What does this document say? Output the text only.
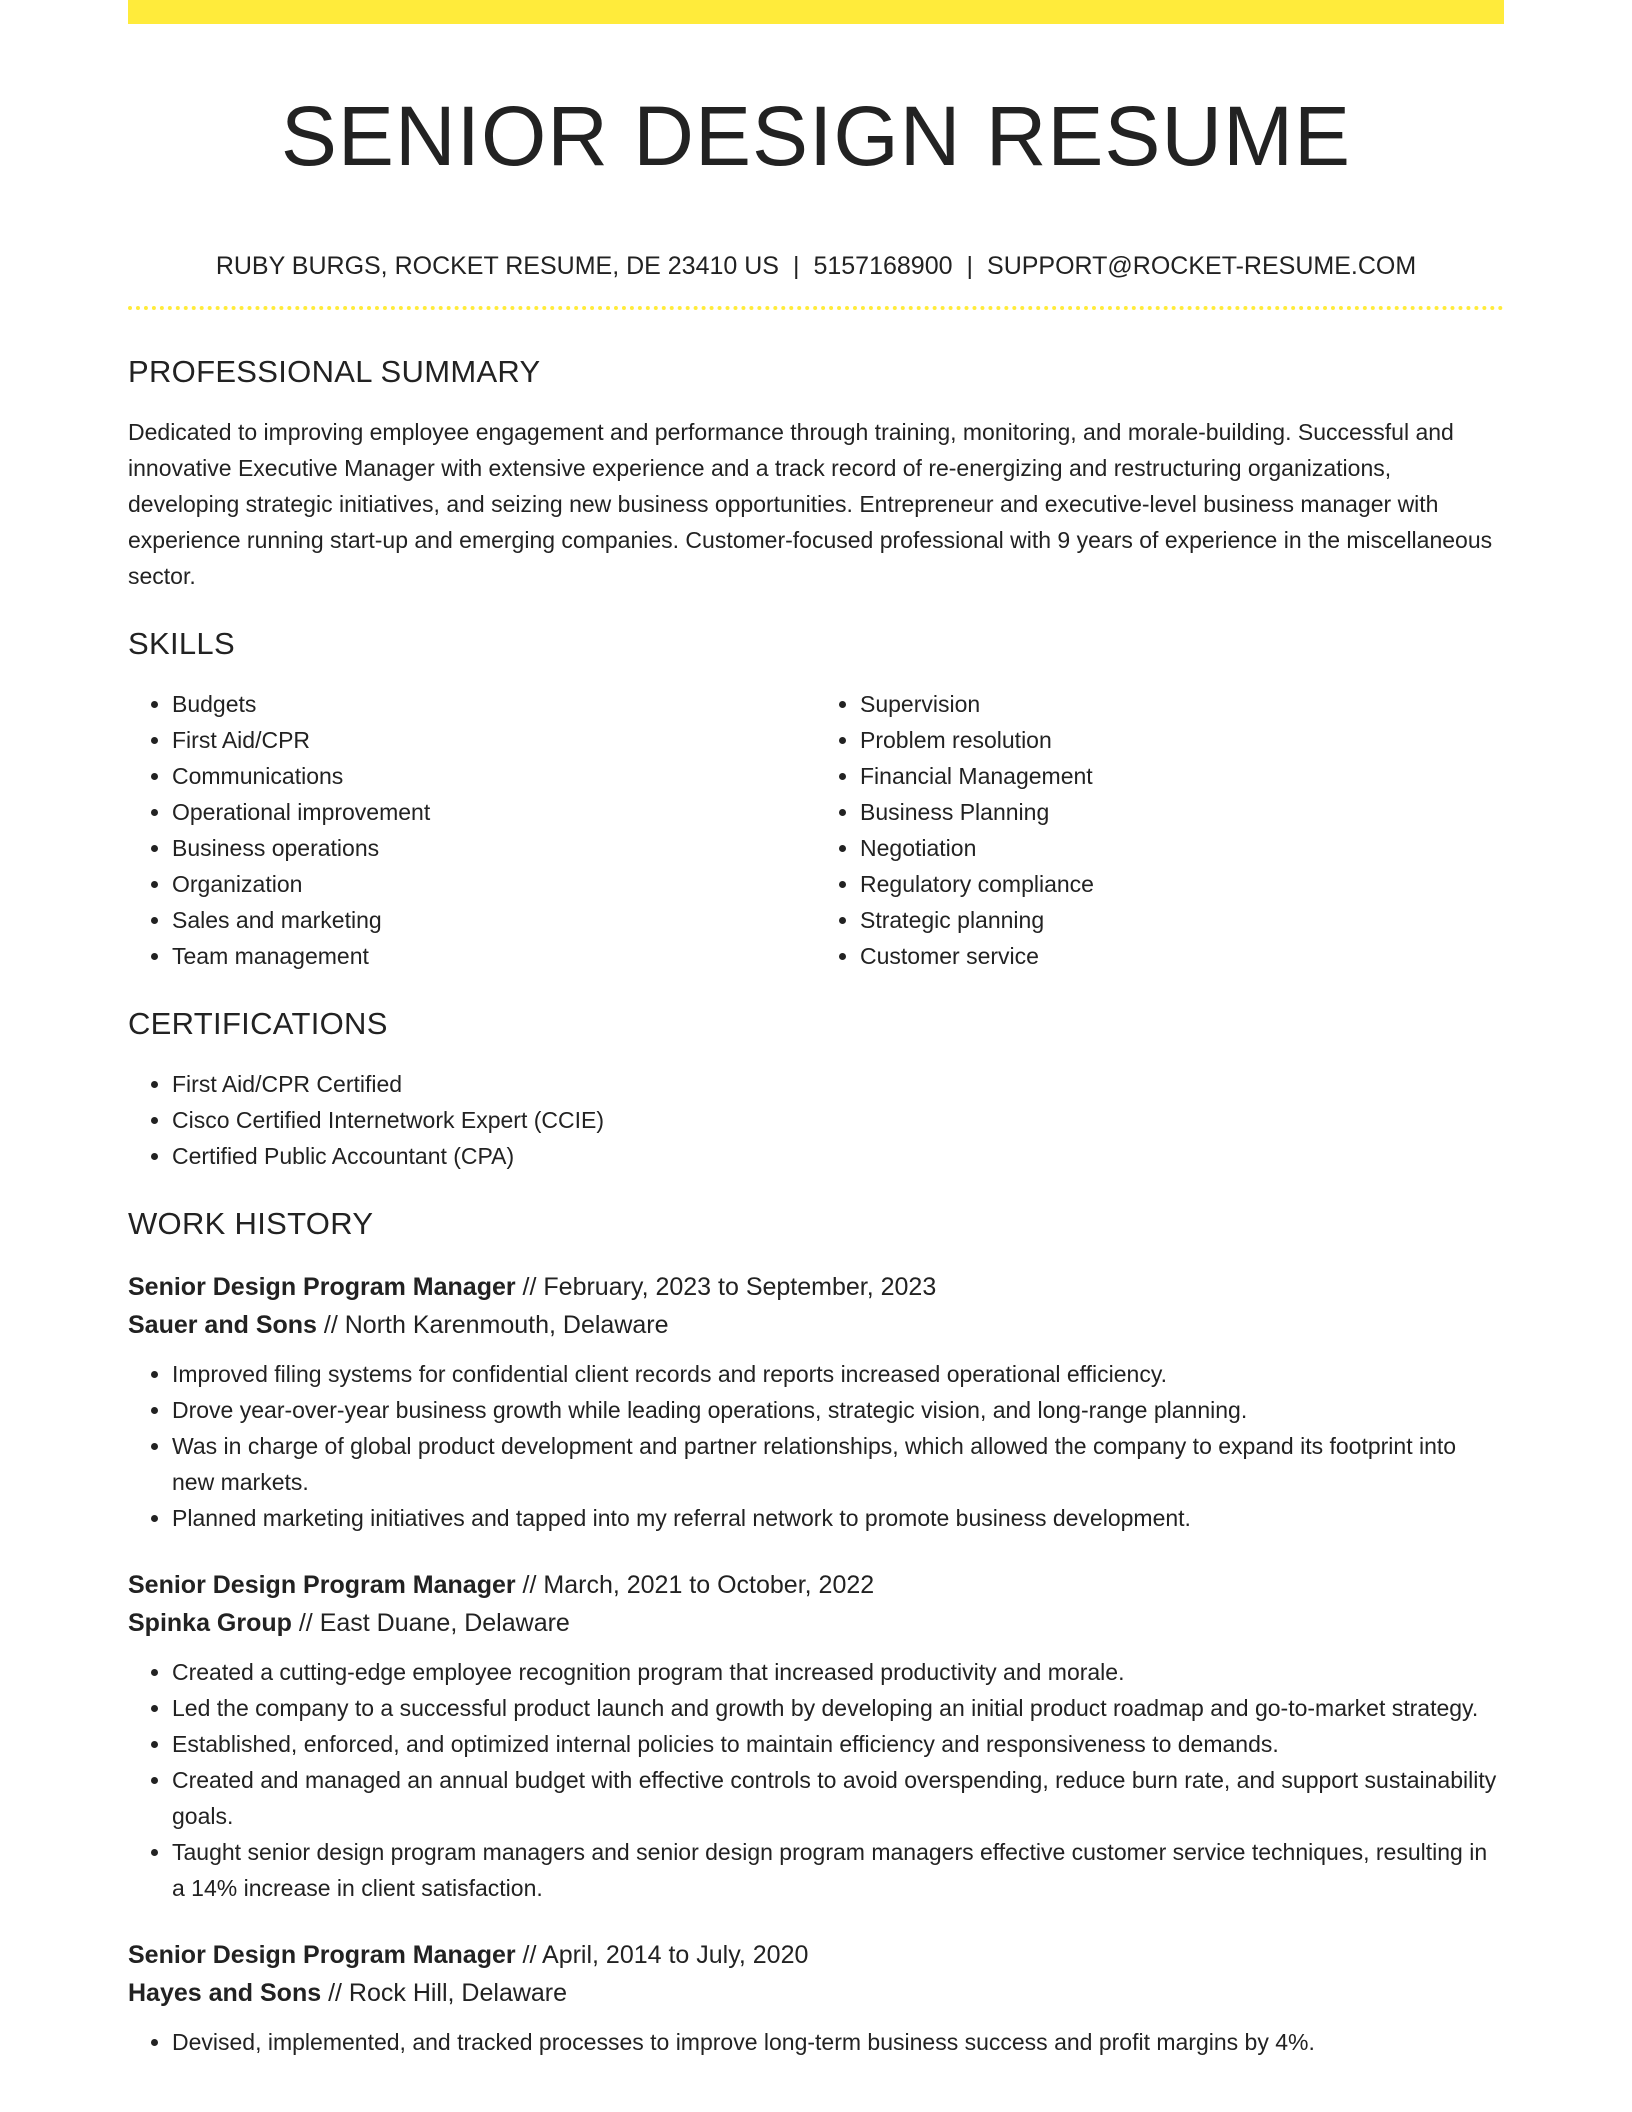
SENIOR DESIGN RESUME
RUBY BURGS, ROCKET RESUME, DE 23410 US | 5157168900 | SUPPORT@ROCKET-RESUME.COM
PROFESSIONAL SUMMARY

Dedicated to improving employee engagement and performance through training, monitoring, and morale-building. Successful and innovative Executive Manager with extensive experience and a track record of re-energizing and restructuring organizations, developing strategic initiatives, and seizing new business opportunities. Entrepreneur and executive-level business manager with experience running start-up and emerging companies. Customer-focused professional with 9 years of experience in the miscellaneous sector.

SKILLS
• Budgets
• First Aid/CPR
• Communications
• Operational improvement
• Business operations
• Organization
• Sales and marketing
• Team management
• Supervision
• Problem resolution
• Financial Management
• Business Planning
• Negotiation
• Regulatory compliance
• Strategic planning
• Customer service
CERTIFICATIONS
• First Aid/CPR Certified
• Cisco Certified Internetwork Expert (CCIE)
• Certified Public Accountant (CPA)
WORK HISTORY
Senior Design Program Manager // February, 2023 to September, 2023
Sauer and Sons // North Karenmouth, Delaware
• Improved filing systems for confidential client records and reports increased operational efficiency.
• Drove year-over-year business growth while leading operations, strategic vision, and long-range planning.
• Was in charge of global product development and partner relationships, which allowed the company to expand its footprint into new markets.
• Planned marketing initiatives and tapped into my referral network to promote business development.
Senior Design Program Manager // March, 2021 to October, 2022
Spinka Group // East Duane, Delaware
• Created a cutting-edge employee recognition program that increased productivity and morale.
• Led the company to a successful product launch and growth by developing an initial product roadmap and go-to-market strategy.
• Established, enforced, and optimized internal policies to maintain efficiency and responsiveness to demands.
• Created and managed an annual budget with effective controls to avoid overspending, reduce burn rate, and support sustainability goals.
• Taught senior design program managers and senior design program managers effective customer service techniques, resulting in a 14% increase in client satisfaction.
Senior Design Program Manager // April, 2014 to July, 2020
Hayes and Sons // Rock Hill, Delaware
• Devised, implemented, and tracked processes to improve long-term business success and profit margins by 4%.
